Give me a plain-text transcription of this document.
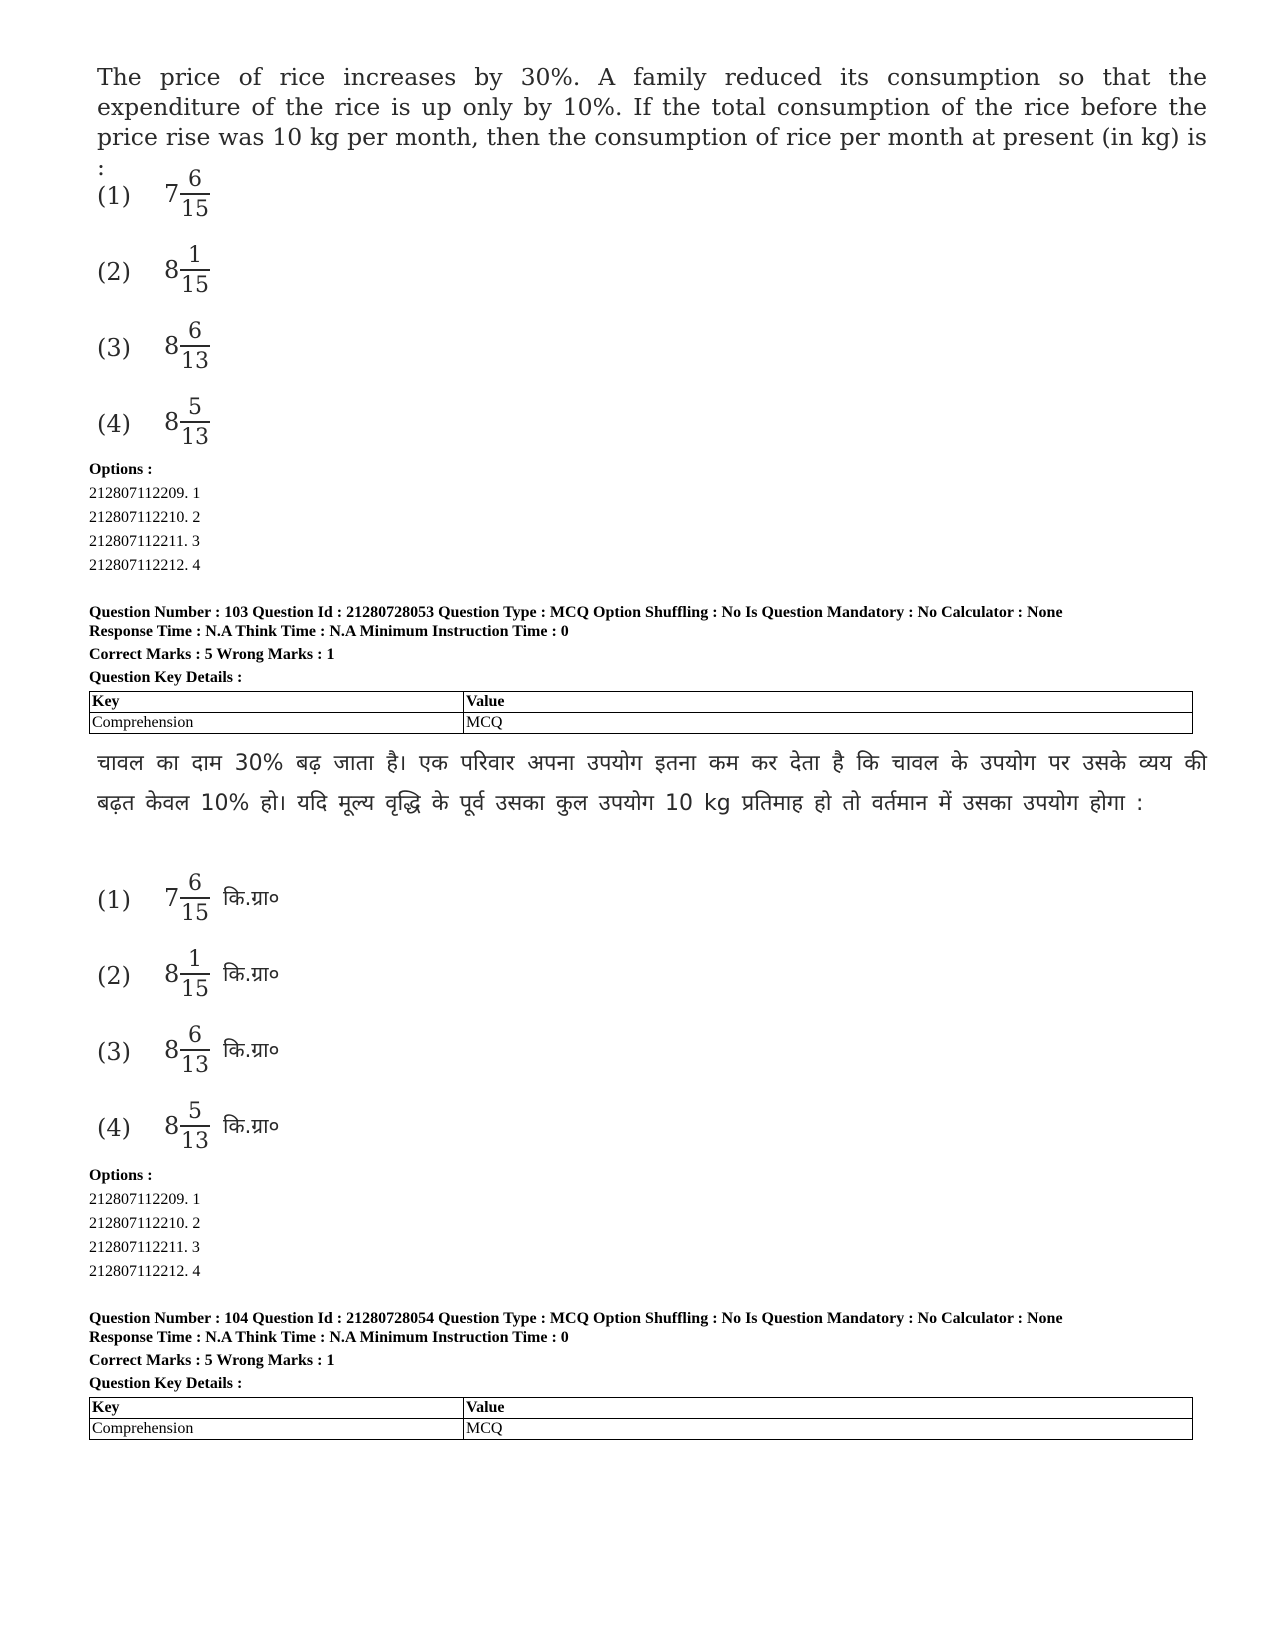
The price of rice increases by 30%. A family reduced its consumption so that the expenditure of the rice is up only by 10%. If the total consumption of the rice before the price rise was 10 kg per month, then the consumption of rice per month at present (in kg) is :
(1) 7
6
15
(2) 8
1
15
(3) 8
6
13
(4) 8
5
13
Options :
212807112209. 1
212807112210. 2
212807112211. 3
212807112212. 4
Question Number : 103 Question Id : 21280728053 Question Type : MCQ Option Shuffling : No Is Question Mandatory : No Calculator : None
Response Time : N.A Think Time : N.A Minimum Instruction Time : 0
Correct Marks : 5 Wrong Marks : 1
Question Key Details :
Key	Value
Comprehension	MCQ
चावल का दाम 30% बढ़ जाता है। एक परिवार अपना उपयोग इतना कम कर देता है कि चावल के उपयोग पर उसके व्यय की बढ़त केवल 10% हो। यदि मूल्य वृद्धि के पूर्व उसका कुल उपयोग 10 kg प्रतिमाह हो तो वर्तमान में उसका उपयोग होगा :
(1) 7
6
15
कि.ग्रा०
(2) 8
1
15
कि.ग्रा०
(3) 8
6
13
कि.ग्रा०
(4) 8
5
13
कि.ग्रा०
Options :
212807112209. 1
212807112210. 2
212807112211. 3
212807112212. 4
Question Number : 104 Question Id : 21280728054 Question Type : MCQ Option Shuffling : No Is Question Mandatory : No Calculator : None
Response Time : N.A Think Time : N.A Minimum Instruction Time : 0
Correct Marks : 5 Wrong Marks : 1
Question Key Details :
Key	Value
Comprehension	MCQ
